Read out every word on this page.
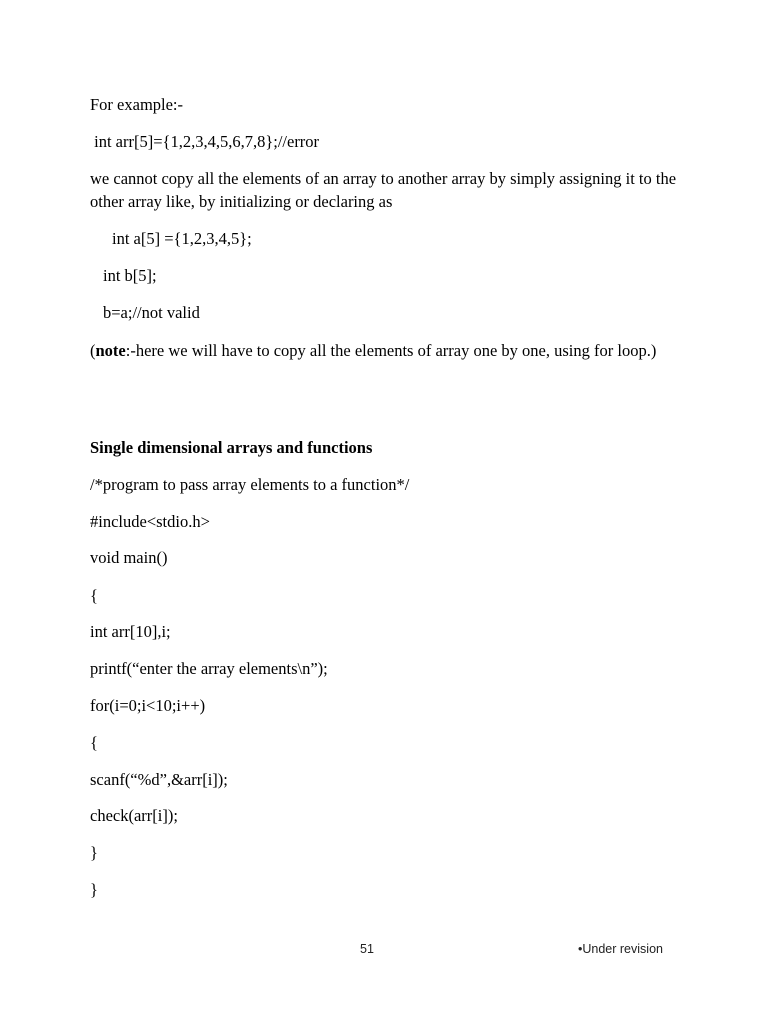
For example:-
int arr[5]={1,2,3,4,5,6,7,8};//error
we cannot copy all the elements of an array to another array by simply assigning it to the other array like, by initializing or declaring as
int a[5] ={1,2,3,4,5};
int b[5];
b=a;//not valid
(note:-here we will have to copy all the elements of array one by one, using for loop.)
Single dimensional arrays and functions
/*program to pass array elements to a function*/
#include<stdio.h>
void main()
{
int arr[10],i;
printf(“enter the array elements\n”);
for(i=0;i<10;i++)
{
scanf(“%d”,&arr[i]);
check(arr[i]);
}
}
51	•Under revision
